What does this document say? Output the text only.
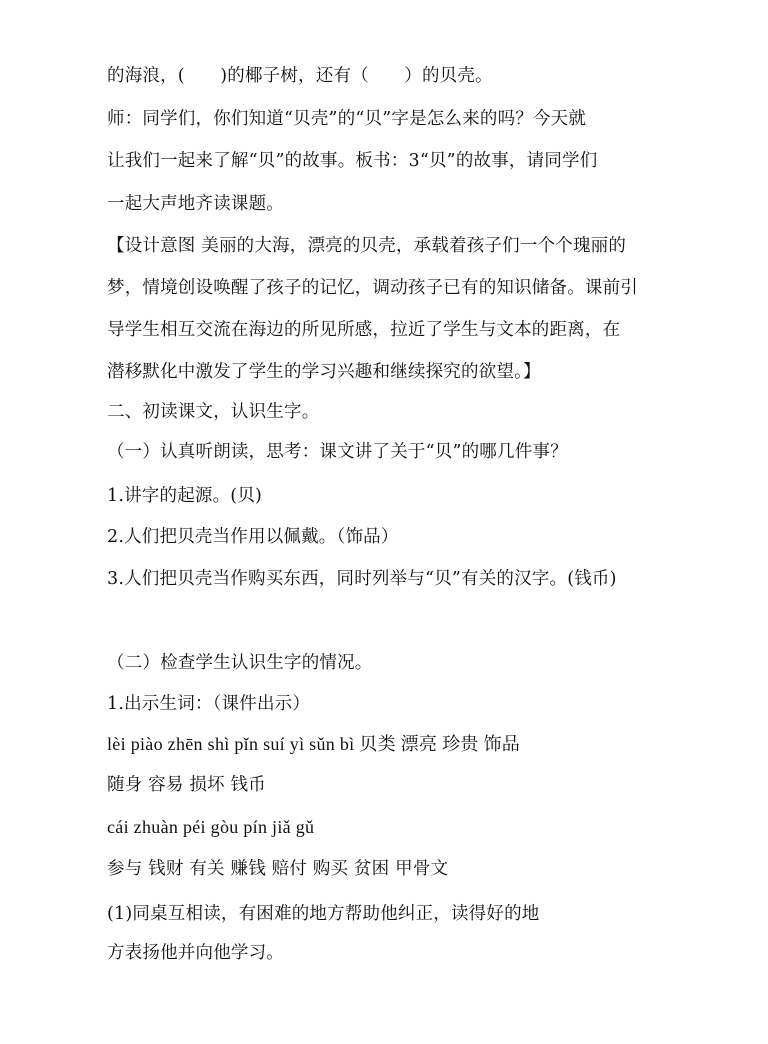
的海浪，(　　)的椰子树，还有（　　）的贝壳。
师：同学们，你们知道“贝壳”的“贝”字是怎么来的吗？今天就
让我们一起来了解“贝”的故事。板书：3“贝”的故事，请同学们
一起大声地齐读课题。
【设计意图 美丽的大海，漂亮的贝壳，承载着孩子们一个个瑰丽的
梦，情境创设唤醒了孩子的记忆，调动孩子已有的知识储备。课前引
导学生相互交流在海边的所见所感，拉近了学生与文本的距离，在
潜移默化中激发了学生的学习兴趣和继续探究的欲望。】
二、初读课文，认识生字。
（一）认真听朗读，思考：课文讲了关于“贝”的哪几件事？
1.讲字的起源。(贝)
2.人们把贝壳当作用以佩戴。（饰品）
3.人们把贝壳当作购买东西，同时列举与“贝”有关的汉字。(钱币)
（二）检查学生认识生字的情况。
1.出示生词：（课件出示）
lèi piào zhēn shì pǐn suí yì sǔn bì 贝类 漂亮 珍贵 饰品
随身 容易 损坏 钱币
cái zhuàn péi gòu pín jiǎ gǔ
参与 钱财 有关 赚钱 赔付 购买 贫困 甲骨文
(1)同桌互相读，有困难的地方帮助他纠正，读得好的地
方表扬他并向他学习。
